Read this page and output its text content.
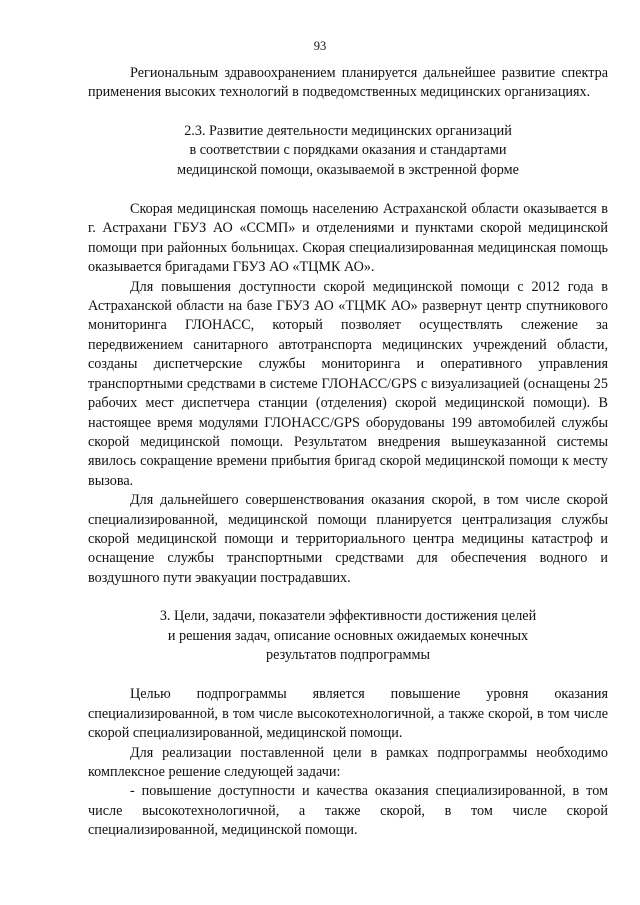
93

Региональным здравоохранением планируется дальнейшее развитие спектра применения высоких технологий в подведомственных медицинских организациях.

2.3. Развитие деятельности медицинских организаций

в соответствии с порядками оказания и стандартами

медицинской помощи, оказываемой в экстренной форме

Скорая медицинская помощь населению Астраханской области оказывается в г. Астрахани ГБУЗ АО «ССМП» и отделениями и пунктами скорой медицинской помощи при районных больницах. Скорая специализированная медицинская помощь оказывается бригадами ГБУЗ АО «ТЦМК АО».

Для повышения доступности скорой медицинской помощи с 2012 года в Астраханской области на базе ГБУЗ АО «ТЦМК АО» развернут центр спутникового мониторинга ГЛОНАСС, который позволяет осуществлять слежение за передвижением санитарного автотранспорта медицинских учреждений области, созданы диспетчерские службы мониторинга и оперативного управления транспортными средствами в системе ГЛОНАСС/GPS с визуализацией (оснащены 25 рабочих мест диспетчера станции (отделения) скорой медицинской помощи). В настоящее время модулями ГЛОНАСС/GPS оборудованы 199 автомобилей службы скорой медицинской помощи. Результатом внедрения вышеуказанной системы явилось сокращение времени прибытия бригад скорой медицинской помощи к месту вызова.

Для дальнейшего совершенствования оказания скорой, в том числе скорой специализированной, медицинской помощи планируется централизация службы скорой медицинской помощи и территориального центра медицины катастроф и оснащение службы транспортными средствами для обеспечения водного и воздушного пути эвакуации пострадавших.

3. Цели, задачи, показатели эффективности достижения целей

и решения задач, описание основных ожидаемых конечных

результатов подпрограммы

Целью подпрограммы является повышение уровня оказания специализированной, в том числе высокотехнологичной, а также скорой, в том числе скорой специализированной, медицинской помощи.

Для реализации поставленной цели в рамках подпрограммы необходимо комплексное решение следующей задачи:

- повышение доступности и качества оказания специализированной, в том числе высокотехнологичной, а также скорой, в том числе скорой специализированной, медицинской помощи.
